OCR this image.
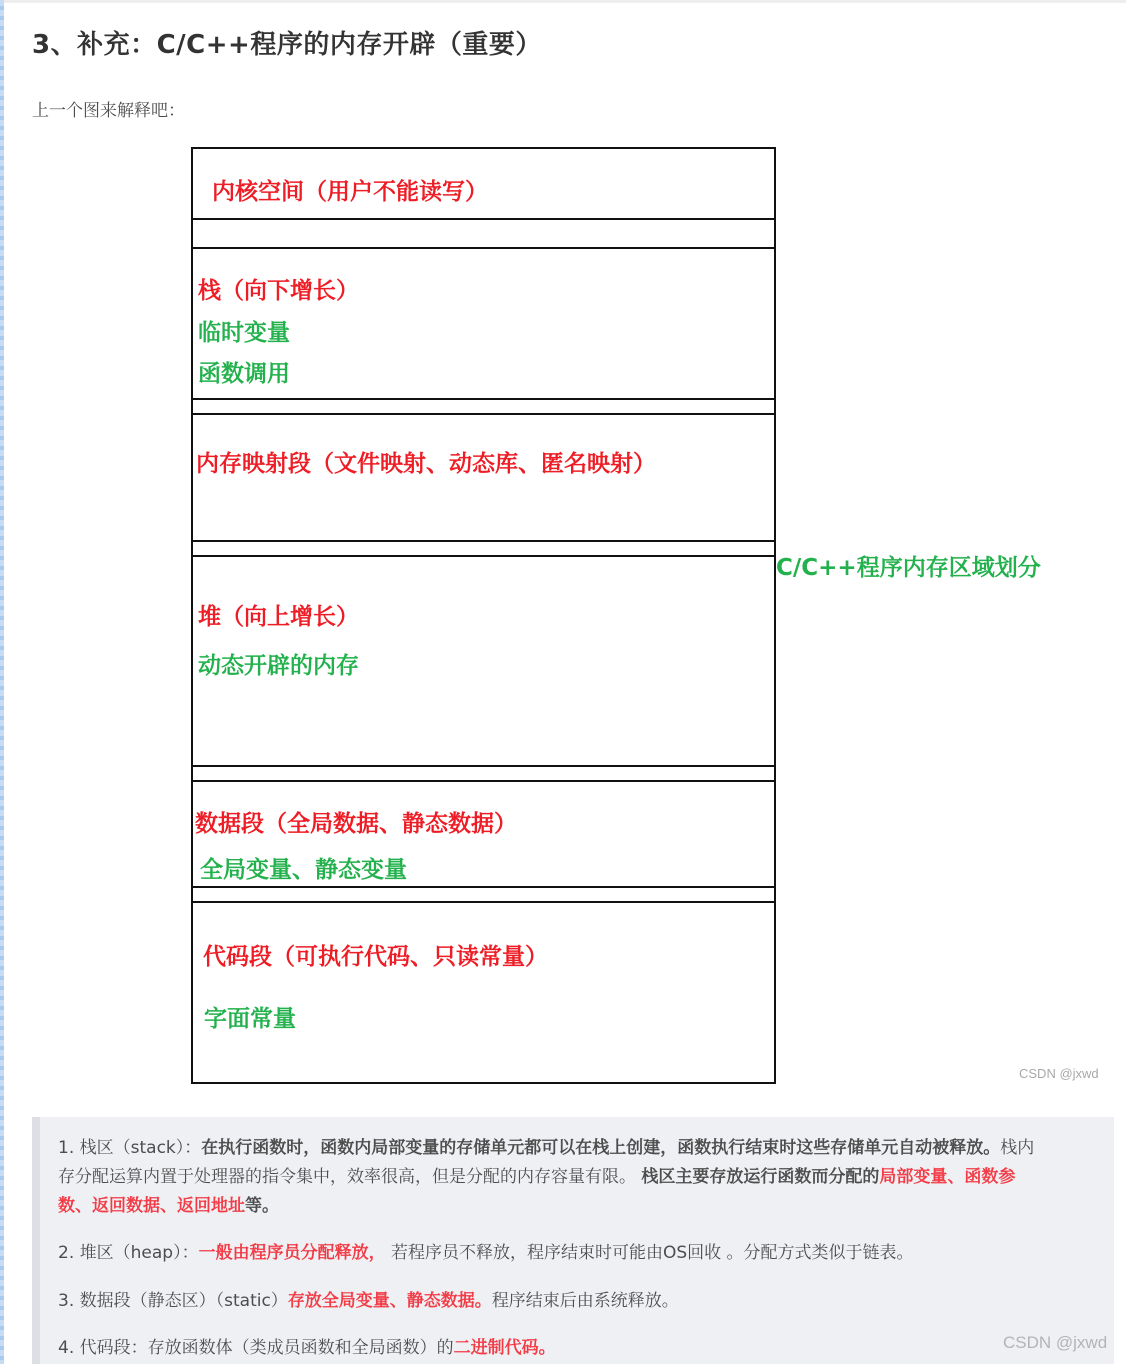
3、补充：C/C++程序的内存开辟（重要）
上一个图来解释吧：
内核空间（用户不能读写）
栈（向下增长）
临时变量
函数调用
内存映射段（文件映射、动态库、匿名映射）
堆（向上增长）
动态开辟的内存
数据段（全局数据、静态数据）
全局变量、静态变量
代码段（可执行代码、只读常量）
字面常量
C/C++程序内存区域划分
CSDN @jxwd
1. 栈区（stack）：在执行函数时，函数内局部变量的存储单元都可以在栈上创建，函数执行结束时这些存储单元自动被释放。栈内
存分配运算内置于处理器的指令集中，效率很高，但是分配的内存容量有限。 栈区主要存放运行函数而分配的局部变量、函数参
数、返回数据、返回地址等。
2. 堆区（heap）：一般由程序员分配释放， 若程序员不释放，程序结束时可能由OS回收 。分配方式类似于链表。
3. 数据段（静态区）（static）存放全局变量、静态数据。程序结束后由系统释放。
4. 代码段：存放函数体（类成员函数和全局函数）的二进制代码。	CSDN @jxwd
